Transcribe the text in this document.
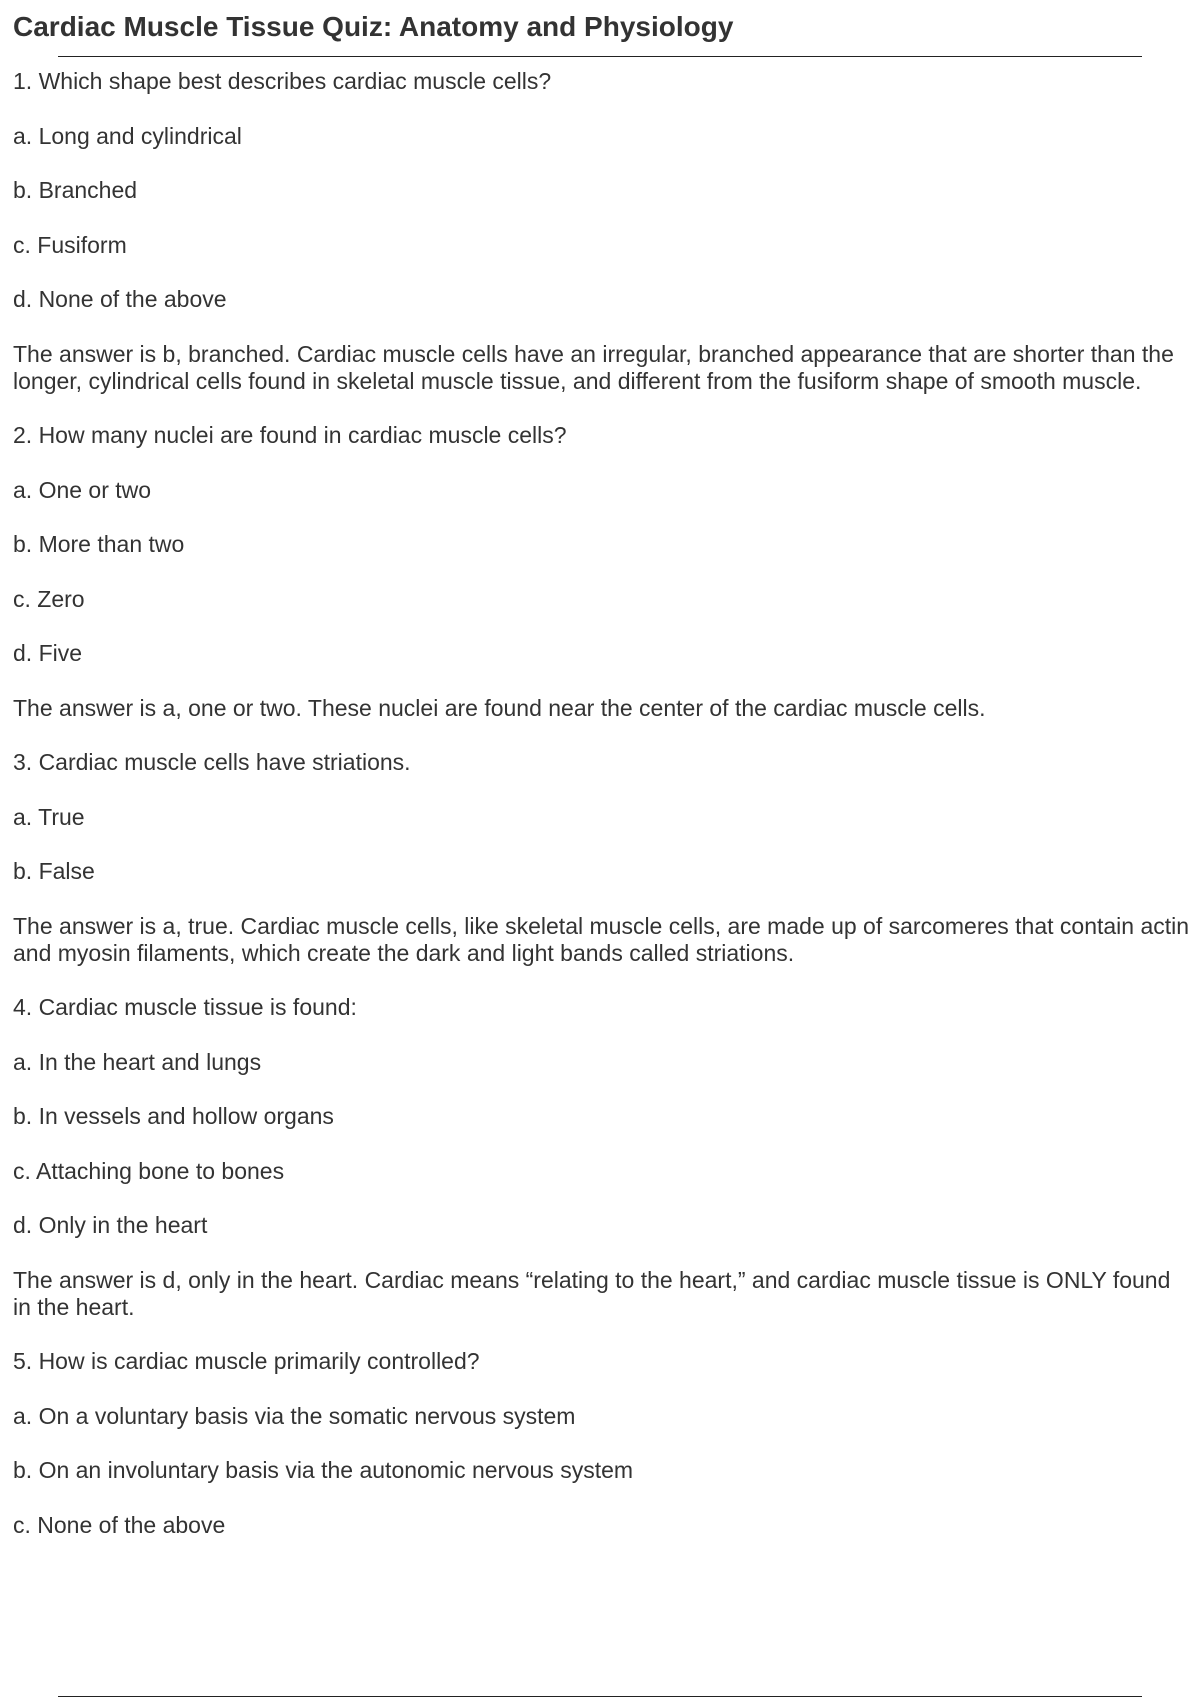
Cardiac Muscle Tissue Quiz: Anatomy and Physiology

1. Which shape best describes cardiac muscle cells?

a. Long and cylindrical

b. Branched

c. Fusiform

d. None of the above

The answer is b, branched. Cardiac muscle cells have an irregular, branched appearance that are shorter than the longer, cylindrical cells found in skeletal muscle tissue, and different from the fusiform shape of smooth muscle.

2. How many nuclei are found in cardiac muscle cells?

a. One or two

b. More than two

c. Zero

d. Five

The answer is a, one or two. These nuclei are found near the center of the cardiac muscle cells.

3. Cardiac muscle cells have striations.

a. True

b. False

The answer is a, true. Cardiac muscle cells, like skeletal muscle cells, are made up of sarcomeres that contain actin and myosin filaments, which create the dark and light bands called striations.

4. Cardiac muscle tissue is found:

a. In the heart and lungs

b. In vessels and hollow organs

c. Attaching bone to bones

d. Only in the heart

The answer is d, only in the heart. Cardiac means “relating to the heart,” and cardiac muscle tissue is ONLY found in the heart.

5. How is cardiac muscle primarily controlled?

a. On a voluntary basis via the somatic nervous system

b. On an involuntary basis via the autonomic nervous system

c. None of the above
